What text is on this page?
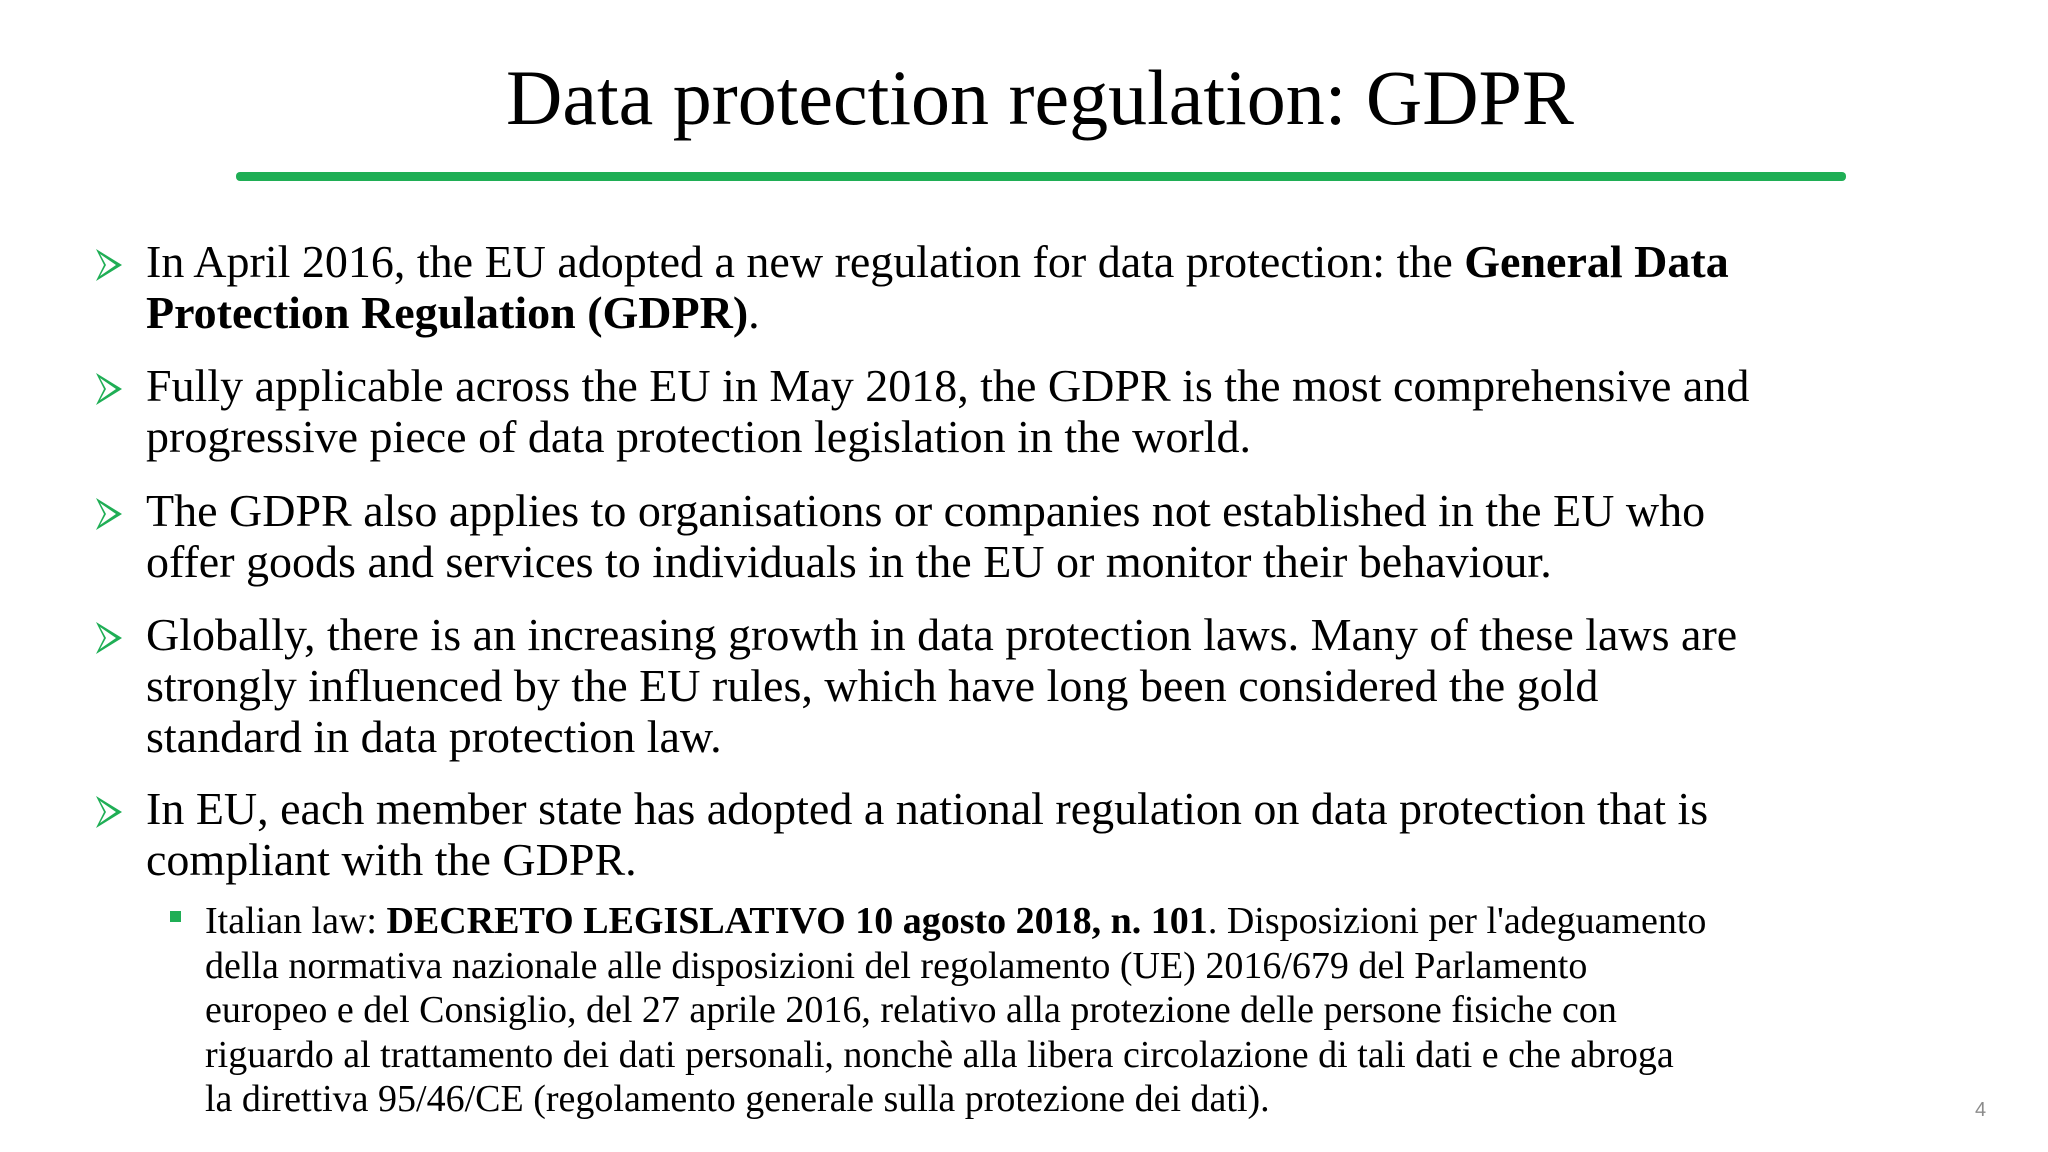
Data protection regulation: GDPR
In April 2016, the EU adopted a new regulation for data protection: the General Data
Protection Regulation (GDPR).
Fully applicable across the EU in May 2018, the GDPR is the most comprehensive and
progressive piece of data protection legislation in the world.
The GDPR also applies to organisations or companies not established in the EU who
offer goods and services to individuals in the EU or monitor their behaviour.
Globally, there is an increasing growth in data protection laws. Many of these laws are
strongly influenced by the EU rules, which have long been considered the gold
standard in data protection law.
In EU, each member state has adopted a national regulation on data protection that is
compliant with the GDPR.
Italian law: DECRETO LEGISLATIVO 10 agosto 2018, n. 101. Disposizioni per l'adeguamento
della normativa nazionale alle disposizioni del regolamento (UE) 2016/679 del Parlamento
europeo e del Consiglio, del 27 aprile 2016, relativo alla protezione delle persone fisiche con
riguardo al trattamento dei dati personali, nonchè alla libera circolazione di tali dati e che abroga
la direttiva 95/46/CE (regolamento generale sulla protezione dei dati).	4
